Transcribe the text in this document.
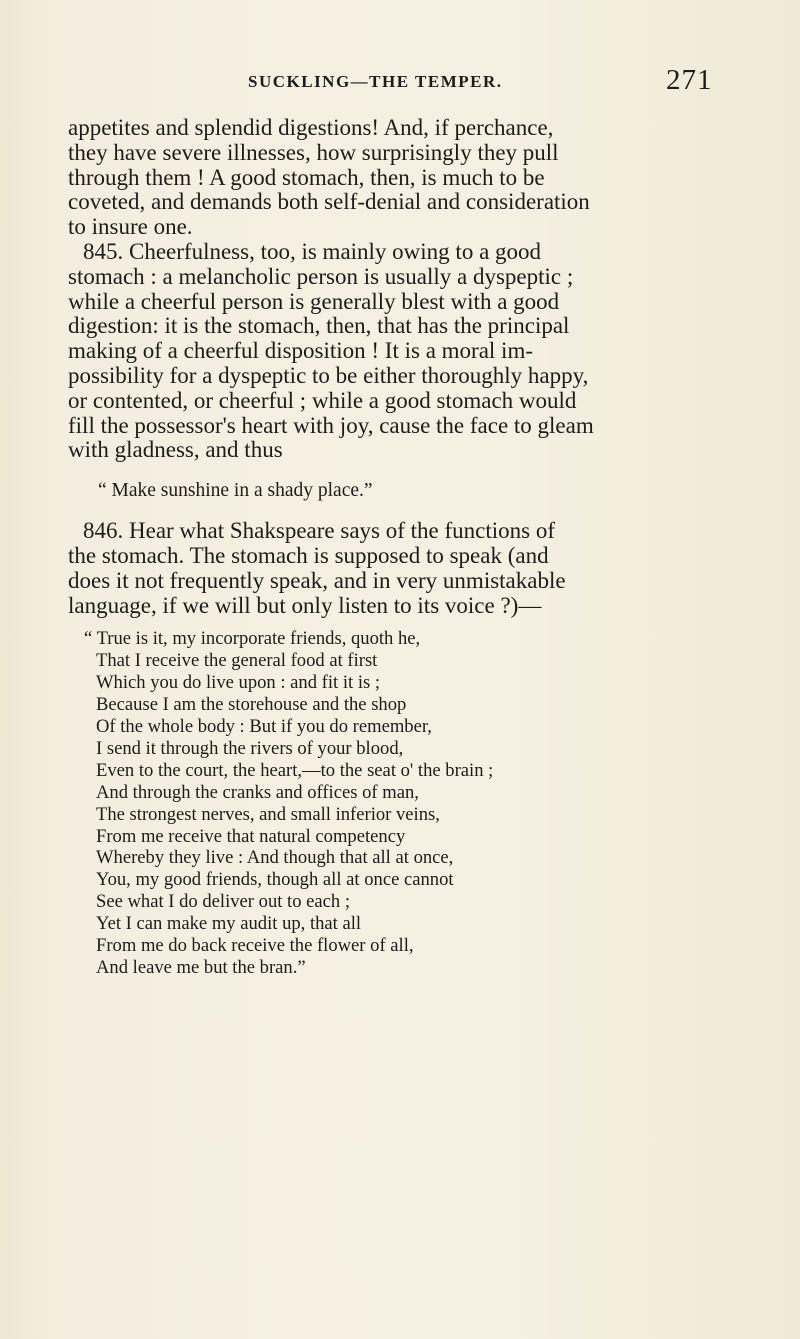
SUCKLING—THE TEMPER.	271

appetites and splendid digestions! And, if perchance,
they have severe illnesses, how surprisingly they pull
through them ! A good stomach, then, is much to be
coveted, and demands both self-denial and consideration
to insure one.

845. Cheerfulness, too, is mainly owing to a good
stomach : a melancholic person is usually a dyspeptic ;
while a cheerful person is generally blest with a good
digestion: it is the stomach, then, that has the principal
making of a cheerful disposition ! It is a moral im-
possibility for a dyspeptic to be either thoroughly happy,
or contented, or cheerful ; while a good stomach would
fill the possessor's heart with joy, cause the face to gleam
with gladness, and thus

“ Make sunshine in a shady place.”

846. Hear what Shakspeare says of the functions of
the stomach. The stomach is supposed to speak (and
does it not frequently speak, and in very unmistakable
language, if we will but only listen to its voice ?)—

“ True is it, my incorporate friends, quoth he,
That I receive the general food at first
Which you do live upon : and fit it is ;
Because I am the storehouse and the shop
Of the whole body : But if you do remember,
I send it through the rivers of your blood,
Even to the court, the heart,—to the seat o' the brain ;
And through the cranks and offices of man,
The strongest nerves, and small inferior veins,
From me receive that natural competency
Whereby they live : And though that all at once,
You, my good friends, though all at once cannot
See what I do deliver out to each ;
Yet I can make my audit up, that all
From me do back receive the flower of all,
And leave me but the bran.”
